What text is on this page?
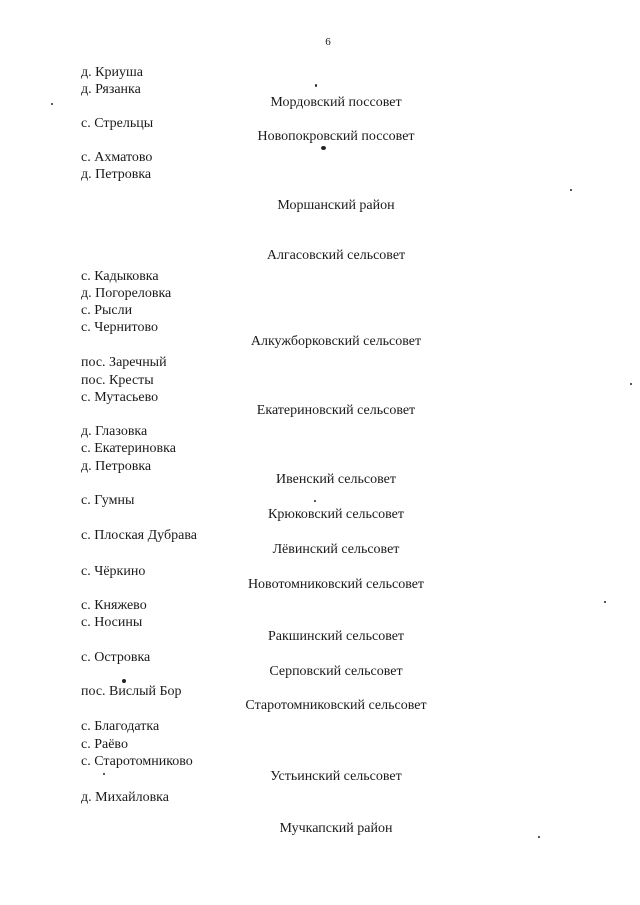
6
д. Криуша
д. Рязанка
Мордовский поссовет
с. Стрельцы
Новопокровский поссовет
с. Ахматово
д. Петровка
Моршанский район
Алгасовский сельсовет
с. Кадыковка
д. Погореловка
с. Рысли
с. Чернитово
Алкужборковский сельсовет
пос. Заречный
пос. Кресты
с. Мутасьево
Екатериновский сельсовет
д. Глазовка
с. Екатериновка
д. Петровка
Ивенский сельсовет
с. Гумны
Крюковский сельсовет
с. Плоская Дубрава
Лёвинский сельсовет
с. Чёркино
Новотомниковский сельсовет
с. Княжево
с. Носины
Ракшинский сельсовет
с. Островка
Серповский сельсовет
пос. Вислый Бор
Старотомниковский сельсовет
с. Благодатка
с. Раёво
с. Старотомниково
Устьинский сельсовет
д. Михайловка
Мучкапский район
